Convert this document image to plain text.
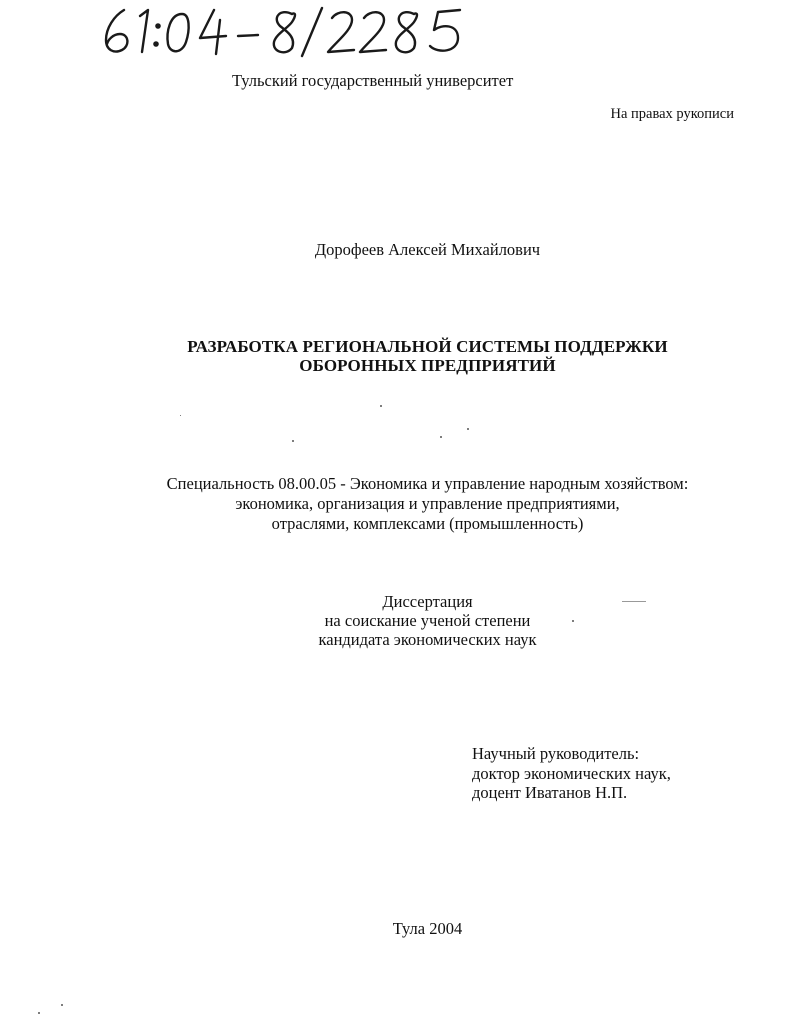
Тульский государственный университет
На правах рукописи
Дорофеев Алексей Михайлович
РАЗРАБОТКА РЕГИОНАЛЬНОЙ СИСТЕМЫ ПОДДЕРЖКИ
ОБОРОННЫХ ПРЕДПРИЯТИЙ
Специальность 08.00.05 - Экономика и управление народным хозяйством:
экономика, организация и управление предприятиями,
отраслями, комплексами (промышленность)
Диссертация
на соискание ученой степени
кандидата экономических наук
Научный руководитель:
доктор экономических наук,
доцент Иватанов Н.П.
Тула 2004
